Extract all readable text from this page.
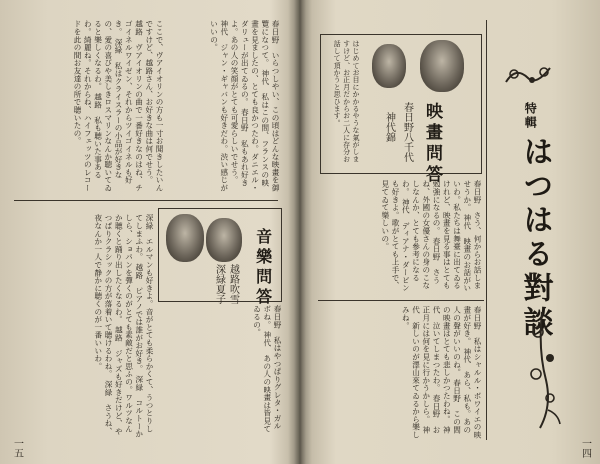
ここで、ヴアイオリンの方も一寸お聞きしたいんですけど、越路さん、お好きな曲は何でせう。 越路　ヴアイオリンの曲で一番好きなのはね、チゴイネルワイゼン、それからツイゴイネルも好き。 深緑　私はクライスラーの小品が好きなの、愛の喜びや美しきロスマリンなんか聴いてゐると樂しくなるわ。 越路　私も聴いた事あるわ。綺麗ね。それからね、ハイフェッツのレコードを此の間お友達の所で聴いたの。	春日野　いらつしやい、この頃はどんな映畫を御覽になつて。 神代　私はこの間、フランスの映畫を見ましたの、とても良かつたわ。ダニエル・ダリューが出てゐるの。 春日野　私もあれ好きよ。あの人の笑顔がとても可愛らしいでせう。 神代　ジャン・ギャバンも好きだわ。渋い感じがいいの。
深緑　エルマンも好きよ。音がとても柔らかくて、うつとりしてしまふわ。 越路　ピアノでは誰がお好き。 深緑　コルトーかしら、ショパンを彈くのがとても素敵だと思ふの。ワルツなんか聴くと踊り出したくなるわ。 越路　ジャズも好きだけど、やつぱりクラシックの方が落着いて聴けるわね。 深緑　さうね、夜なんか一人で静かに聴くのが一番いいわ。	音樂問答
越路吹雪
深緑夏子
春日野　私はやつぱりグレタ・ガルボね。 神代　あの人の映畫は皆見てゐるの。
一五
はじめてお目にかかるやうな氣がしますけど、お正月だからお二人に存分お話して頂かうと思ひます。
映畫問答
春日野八千代
神代錦	特輯
はつはる對談
春日野　さう、何からお話しませうか。 神代　映畫のお話がいいわ。私たちは舞臺に出てゐるけれど、映畫を見る事はとても勉強になるの。 春日野　さうね、外國の女優さんの身のこなしなんか、とても參考になるわ。 神代　ディアナ・ダービンも好きよ。歌がとても上手で、見てゐて樂しいの。
春日野　私はシャルル・ボワイエの映畫が好き。 神代　あら、私も。あの人の聲がいいのね。 春日野　この間の映畫はとても悲しかつたわね。 神代　泣いてしまつたわ。 春日野　お正月には何を見に行かうかしら。 神代　新しいのが澤山來てゐるから樂しみね。
一四
